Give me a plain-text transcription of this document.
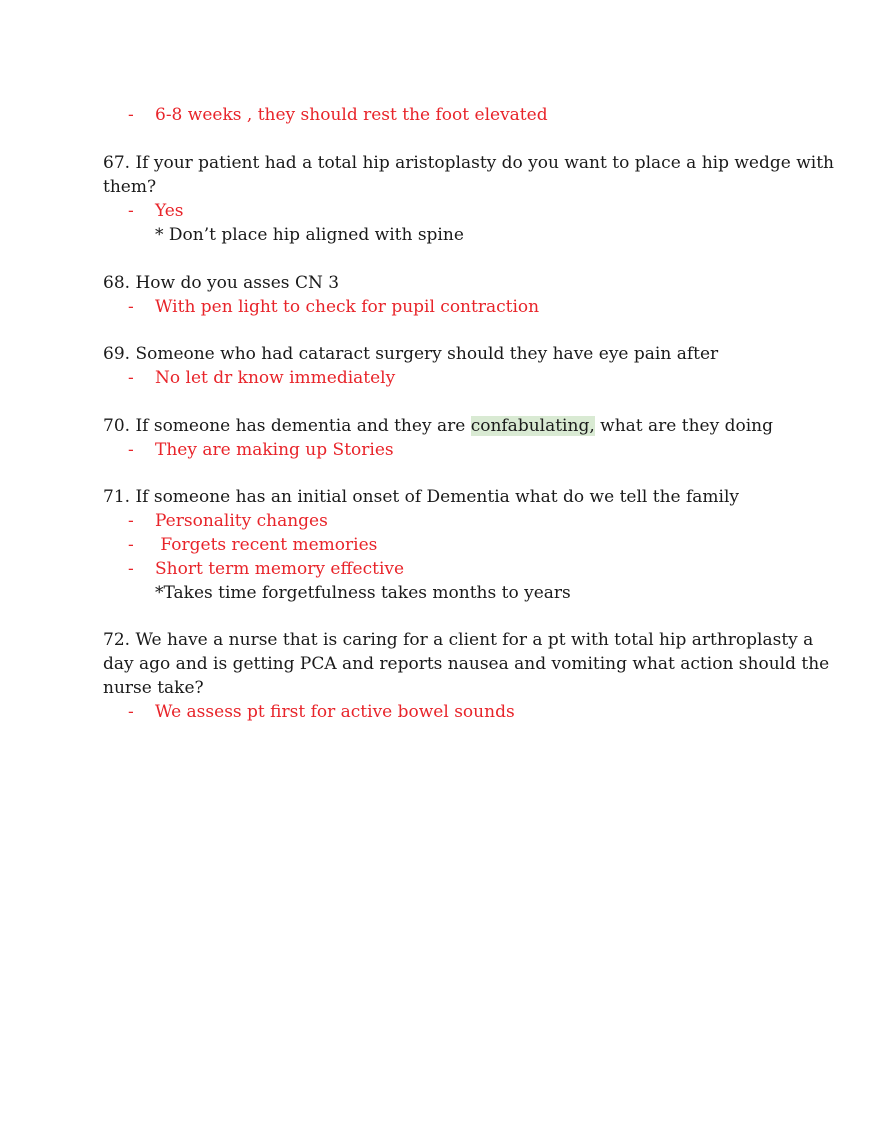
-	6-8 weeks , they should rest the foot elevated
67. If your patient had a total hip aristoplasty do you want to place a hip wedge with
them?
-	Yes
* Don’t place hip aligned with spine
68. How do you asses CN 3
-	With pen light to check for pupil contraction
69. Someone who had cataract surgery should they have eye pain after
-	No let dr know immediately
70. If someone has dementia and they are confabulating, what are they doing
-	They are making up Stories
71. If someone has an initial onset of Dementia what do we tell the family
-	Personality changes
-	Forgets recent memories
-	Short term memory effective
*Takes time forgetfulness takes months to years
72. We have a nurse that is caring for a client for a pt with total hip arthroplasty a
day ago and is getting PCA and reports nausea and vomiting what action should the
nurse take?
-	We assess pt first for active bowel sounds
